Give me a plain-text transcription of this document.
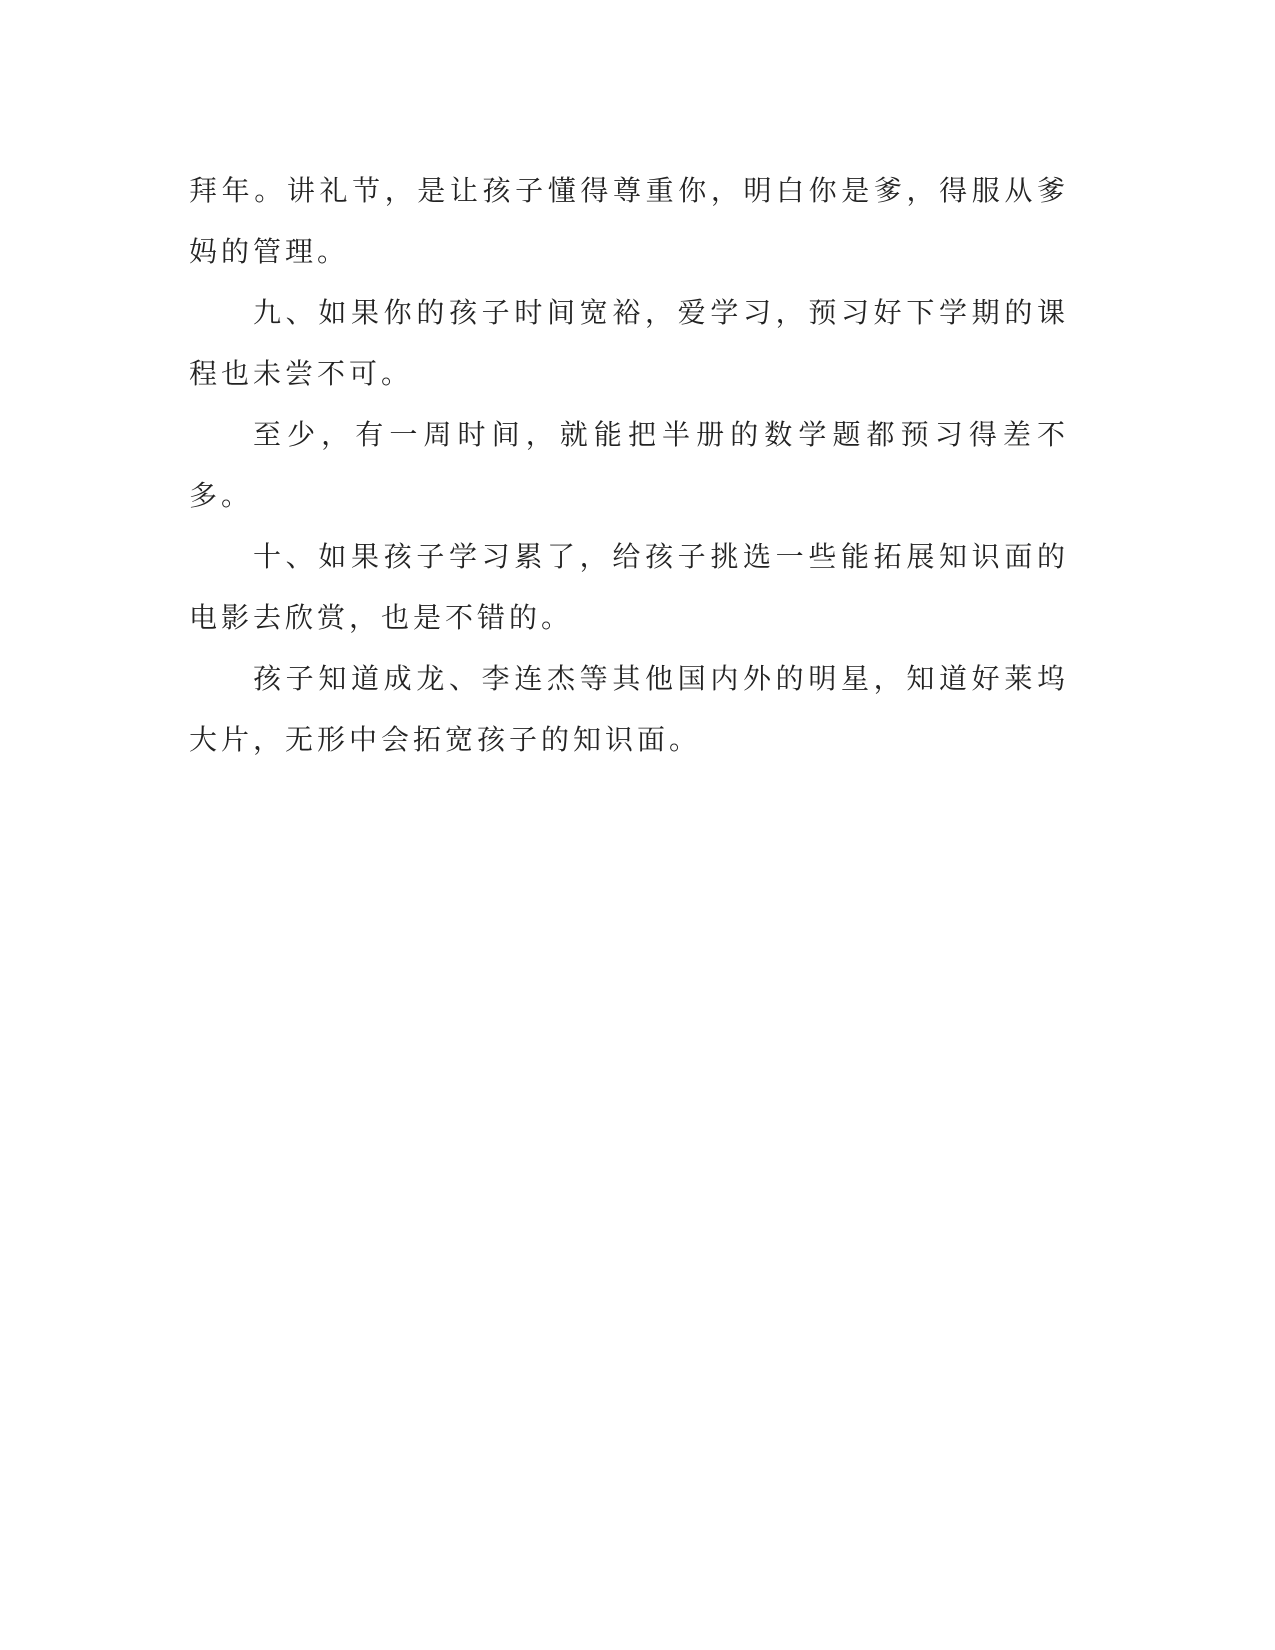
拜年。讲礼节，是让孩子懂得尊重你，明白你是爹，得服从爹妈的管理。

九、如果你的孩子时间宽裕，爱学习，预习好下学期的课程也未尝不可。

至少，有一周时间，就能把半册的数学题都预习得差不多。

十、如果孩子学习累了，给孩子挑选一些能拓展知识面的电影去欣赏，也是不错的。

孩子知道成龙、李连杰等其他国内外的明星，知道好莱坞大片，无形中会拓宽孩子的知识面。
